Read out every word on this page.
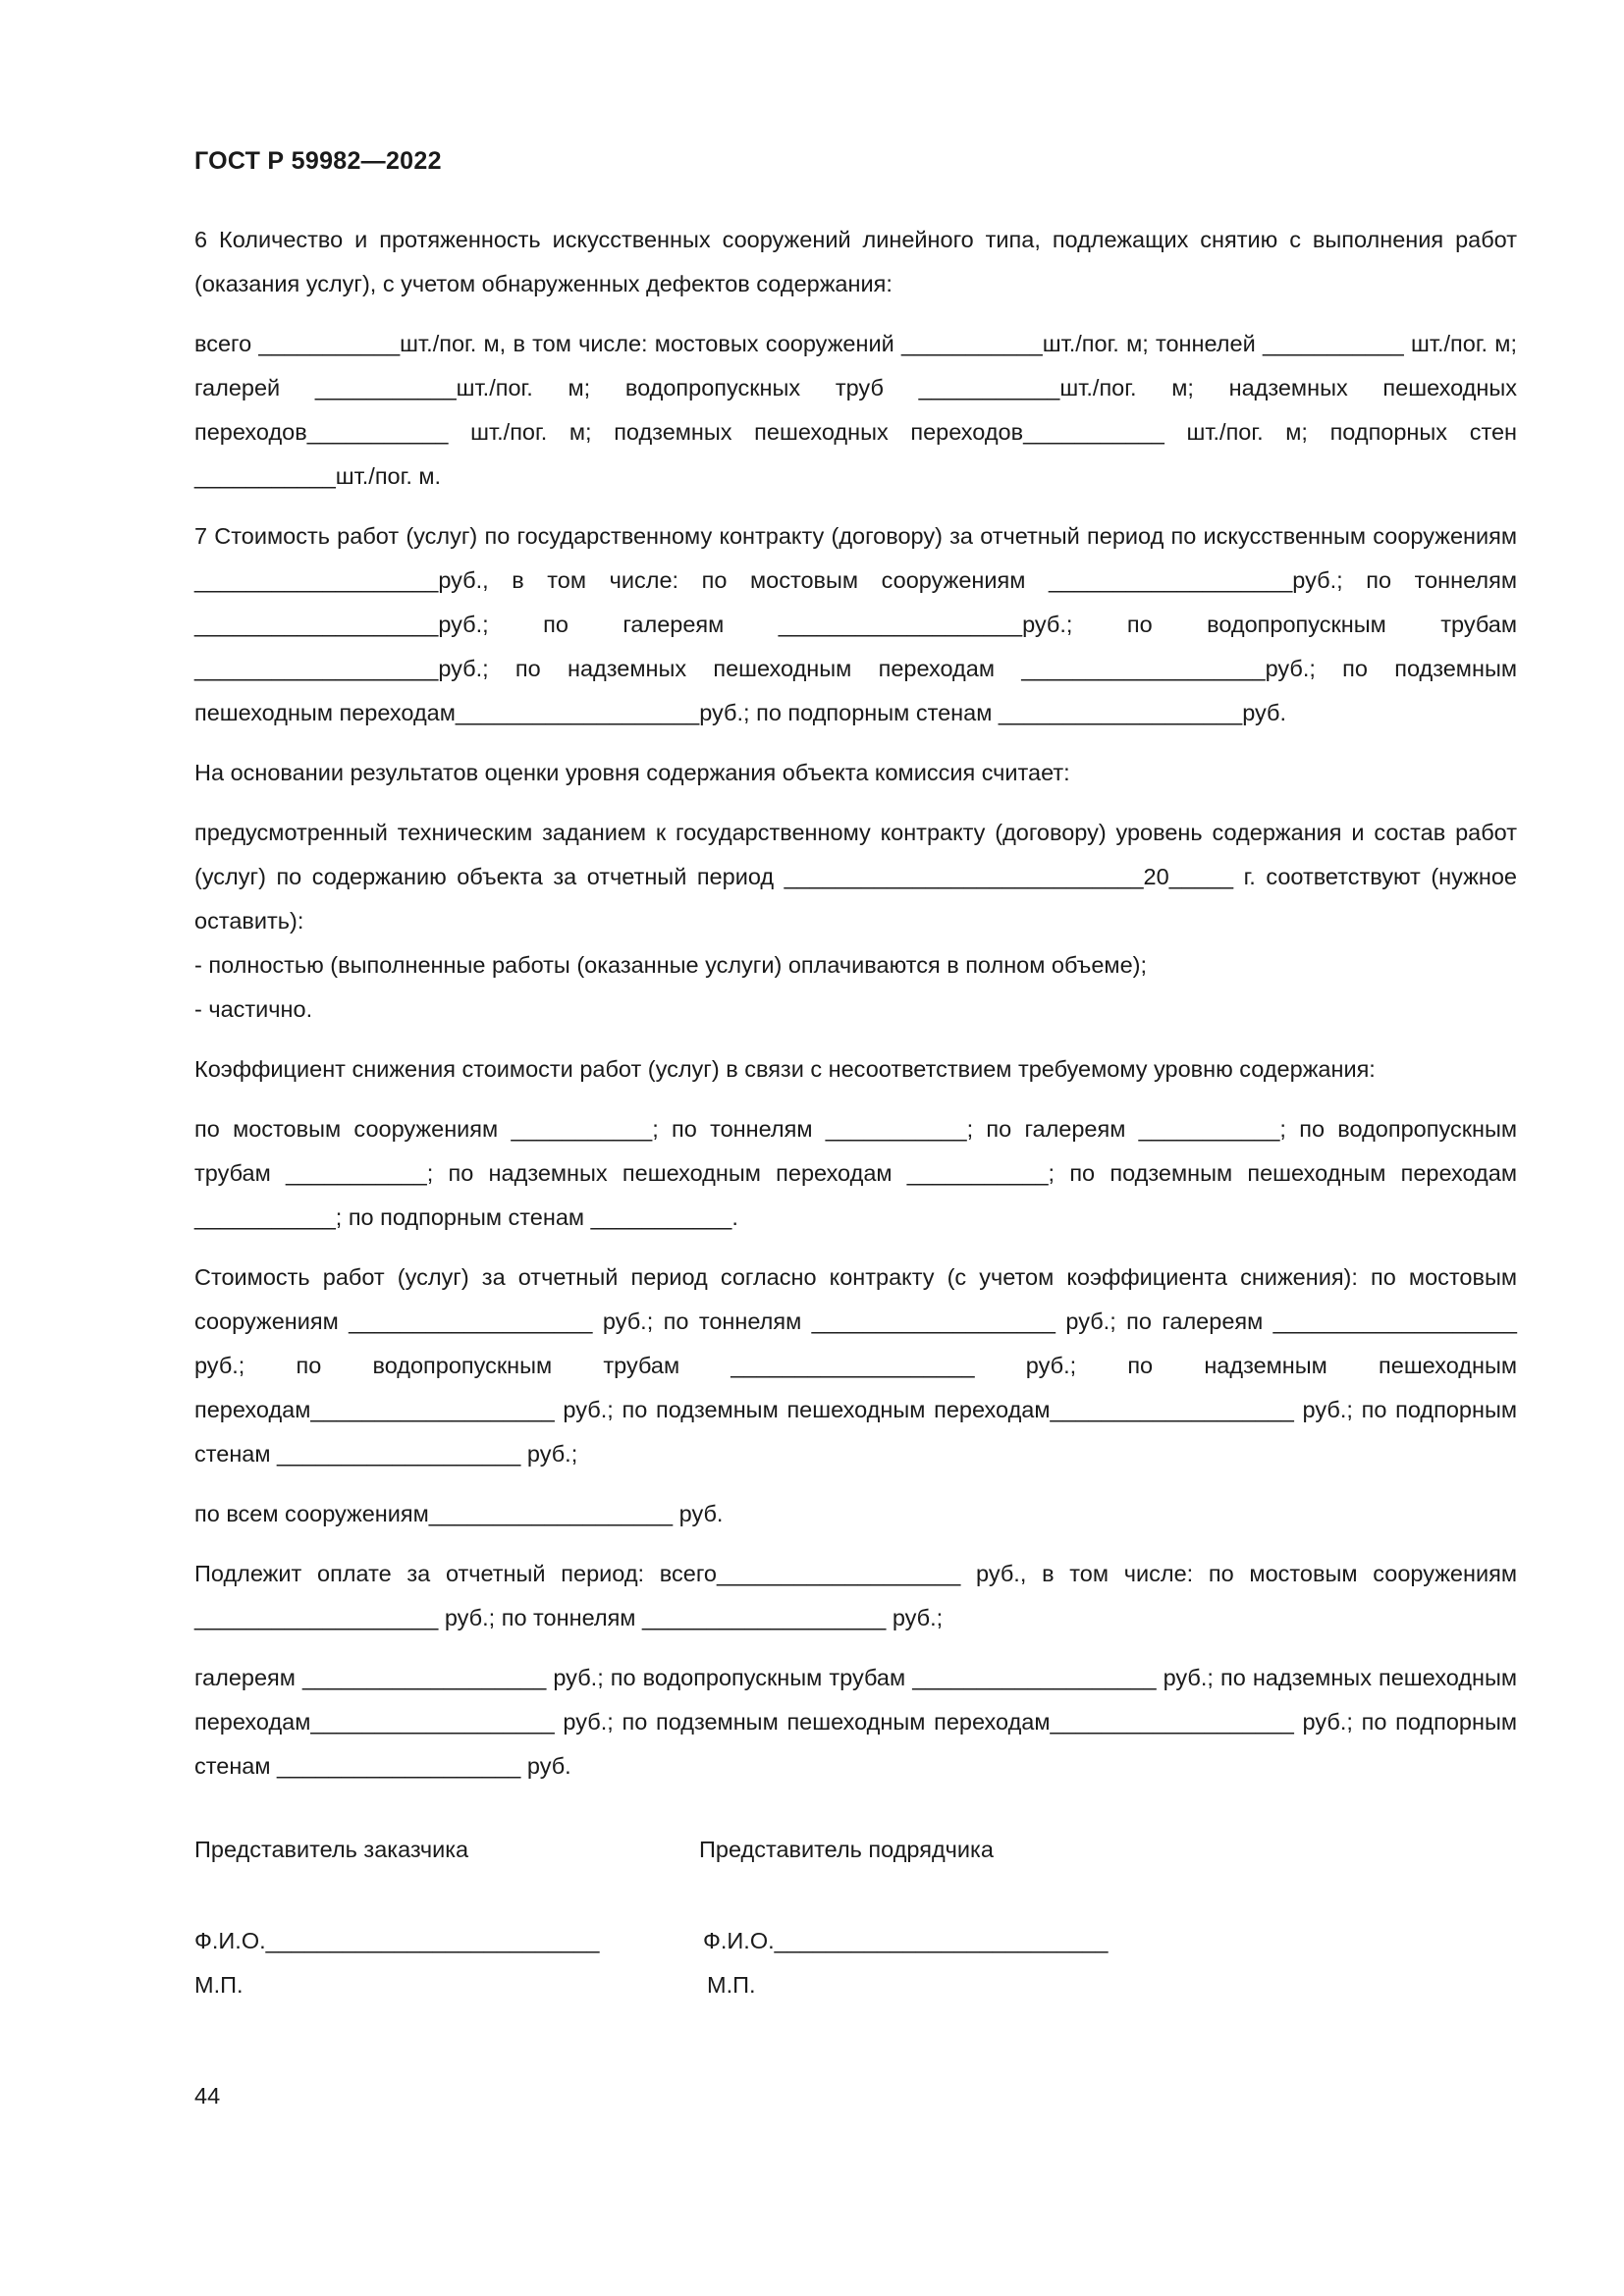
ГОСТ Р 59982—2022

6 Количество и протяженность искусственных сооружений линейного типа, подлежащих снятию с выполнения работ (оказания услуг), с учетом обнаруженных дефектов содержания:

всего ___________шт./пог. м, в том числе: мостовых сооружений ___________шт./пог. м; тоннелей ___________ шт./пог. м; галерей ___________шт./пог. м; водопропускных труб ___________шт./пог. м; надземных пешеходных переходов___________ шт./пог. м; подземных пешеходных переходов___________ шт./пог. м; подпорных стен ___________шт./пог. м.

7 Стоимость работ (услуг) по государственному контракту (договору) за отчетный период по искусственным сооружениям ___________________руб., в том числе: по мостовым сооружениям ___________________руб.; по тоннелям ___________________руб.; по галереям ___________________руб.; по водопропускным трубам ___________________руб.; по надземных пешеходным переходам ___________________руб.; по подземным пешеходным переходам___________________руб.; по подпорным стенам ___________________руб.

На основании результатов оценки уровня содержания объекта комиссия считает:

предусмотренный техническим заданием к государственному контракту (договору) уровень содержания и состав работ (услуг) по содержанию объекта за отчетный период ____________________________20_____ г. соответствуют (нужное оставить):

- полностью (выполненные работы (оказанные услуги) оплачиваются в полном объеме);

- частично.

Коэффициент снижения стоимости работ (услуг) в связи с несоответствием требуемому уровню содержания:

по мостовым сооружениям ___________; по тоннелям ___________; по галереям ___________; по водопропускным трубам ___________; по надземных пешеходным переходам ___________; по подземным пешеходным переходам ___________; по подпорным стенам ___________.

Стоимость работ (услуг) за отчетный период согласно контракту (с учетом коэффициента снижения): по мостовым сооружениям ___________________ руб.; по тоннелям ___________________ руб.; по галереям ___________________ руб.; по водопропускным трубам ___________________ руб.; по надземным пешеходным переходам___________________ руб.; по подземным пешеходным переходам___________________ руб.; по подпорным стенам ___________________ руб.;

по всем сооружениям___________________ руб.

Подлежит оплате за отчетный период: всего___________________ руб., в том числе: по мостовым сооружениям ___________________ руб.; по тоннелям ___________________ руб.;

галереям ___________________ руб.; по водопропускным трубам ___________________ руб.; по надземных пешеходным переходам___________________ руб.; по подземным пешеходным переходам___________________ руб.; по подпорным стенам ___________________ руб.

Представитель заказчика	Представитель подрядчика
Ф.И.О.__________________________	Ф.И.О.__________________________
М.П.	М.П.
44
